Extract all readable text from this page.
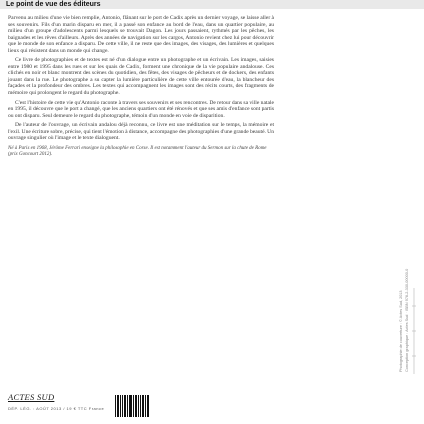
Le point de vue des éditeurs

Parvenu au milieu d'une vie bien remplie, Antonio, flânant sur le port de Cadix après un dernier voyage, se laisse aller à ses souvenirs. Fils d'un marin disparu en mer, il a passé son enfance au bord de l'eau, dans un quartier populaire, au milieu d'un groupe d'adolescents parmi lesquels se trouvait Dagon. Les jours passaient, rythmés par les pêches, les baignades et les rêves d'ailleurs. Après des années de navigation sur les cargos, Antonio revient chez lui pour découvrir que le monde de son enfance a disparu. De cette ville, il ne reste que des images, des visages, des lumières et quelques lieux qui résistent dans un monde qui change.

Ce livre de photographies et de textes est né d'un dialogue entre un photographe et un écrivain. Les images, saisies entre 1980 et 1995 dans les rues et sur les quais de Cadix, forment une chronique de la vie populaire andalouse. Ces clichés en noir et blanc montrent des scènes du quotidien, des fêtes, des visages de pêcheurs et de dockers, des enfants jouant dans la rue. Le photographe a su capter la lumière particulière de cette ville entourée d'eau, la blancheur des façades et la profondeur des ombres. Les textes qui accompagnent les images sont des récits courts, des fragments de mémoire qui prolongent le regard du photographe.

C'est l'histoire de cette vie qu'Antonio raconte à travers ses souvenirs et ses rencontres. De retour dans sa ville natale en 1995, il découvre que le port a changé, que les anciens quartiers ont été rénovés et que ses amis d'enfance sont partis ou ont disparu. Seul demeure le regard du photographe, témoin d'un monde en voie de disparition.

De l'auteur de l'ouvrage, un écrivain andalou déjà reconnu, ce livre est une méditation sur le temps, la mémoire et l'exil. Une écriture sobre, précise, qui tient l'émotion à distance, accompagne des photographies d'une grande beauté. Un ouvrage singulier où l'image et le texte dialoguent.

Né à Paris en 1968, Jérôme Ferrari enseigne la philosophie en Corse. Il est notamment l'auteur du Sermon sur la chute de Rome (prix Goncourt 2012).

ACTES SUD
DÉP. LÉG. : AOÛT 2013 / 19 € TTC France
Photographie de couverture : © Actes Sud, 2013 Conception graphique : Actes Sud · ISBN 978-2-330-00000-0
